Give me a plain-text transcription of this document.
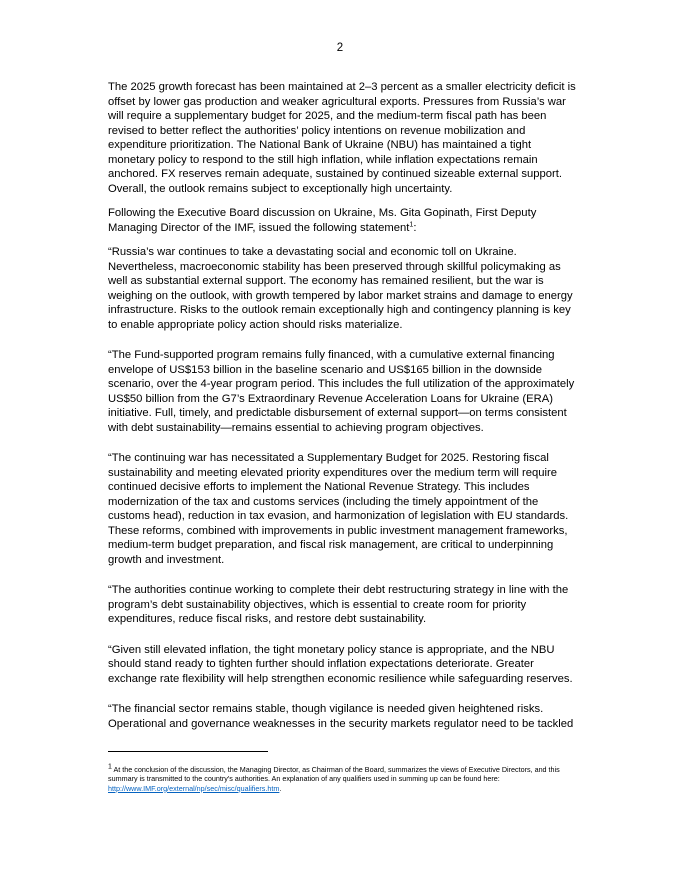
2

The 2025 growth forecast has been maintained at 2–3 percent as a smaller electricity deficit is offset by lower gas production and weaker agricultural exports. Pressures from Russia’s war will require a supplementary budget for 2025, and the medium-term fiscal path has been revised to better reflect the authorities’ policy intentions on revenue mobilization and expenditure prioritization. The National Bank of Ukraine (NBU) has maintained a tight monetary policy to respond to the still high inflation, while inflation expectations remain anchored. FX reserves remain adequate, sustained by continued sizeable external support. Overall, the outlook remains subject to exceptionally high uncertainty.

Following the Executive Board discussion on Ukraine, Ms. Gita Gopinath, First Deputy Managing Director of the IMF, issued the following statement$^1$:

“Russia’s war continues to take a devastating social and economic toll on Ukraine. Nevertheless, macroeconomic stability has been preserved through skillful policymaking as well as substantial external support. The economy has remained resilient, but the war is weighing on the outlook, with growth tempered by labor market strains and damage to energy infrastructure. Risks to the outlook remain exceptionally high and contingency planning is key to enable appropriate policy action should risks materialize.

“The Fund-supported program remains fully financed, with a cumulative external financing envelope of US$153 billion in the baseline scenario and US$165 billion in the downside scenario, over the 4-year program period. This includes the full utilization of the approximately US$50 billion from the G7’s Extraordinary Revenue Acceleration Loans for Ukraine (ERA) initiative. Full, timely, and predictable disbursement of external support—on terms consistent with debt sustainability—remains essential to achieving program objectives.

“The continuing war has necessitated a Supplementary Budget for 2025. Restoring fiscal sustainability and meeting elevated priority expenditures over the medium term will require continued decisive efforts to implement the National Revenue Strategy. This includes modernization of the tax and customs services (including the timely appointment of the customs head), reduction in tax evasion, and harmonization of legislation with EU standards. These reforms, combined with improvements in public investment management frameworks, medium-term budget preparation, and fiscal risk management, are critical to underpinning growth and investment.

“The authorities continue working to complete their debt restructuring strategy in line with the program’s debt sustainability objectives, which is essential to create room for priority expenditures, reduce fiscal risks, and restore debt sustainability.

“Given still elevated inflation, the tight monetary policy stance is appropriate, and the NBU should stand ready to tighten further should inflation expectations deteriorate. Greater exchange rate flexibility will help strengthen economic resilience while safeguarding reserves.

“The financial sector remains stable, though vigilance is needed given heightened risks. Operational and governance weaknesses in the security markets regulator need to be tackled

$^1$ At the conclusion of the discussion, the Managing Director, as Chairman of the Board, summarizes the views of Executive Directors, and this summary is transmitted to the country's authorities. An explanation of any qualifiers used in summing up can be found here: http://www.IMF.org/external/np/sec/misc/qualifiers.htm.
